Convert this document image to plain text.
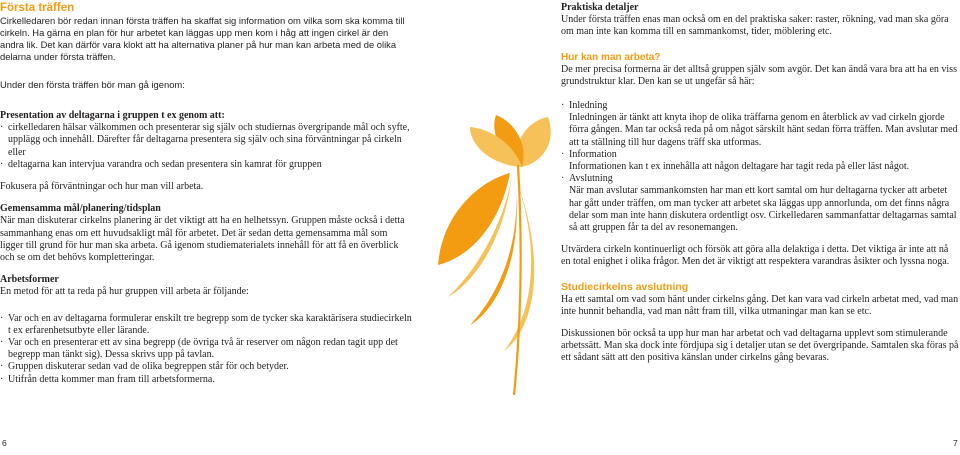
Första träffen

Cirkelledaren bör redan innan första träffen ha skaffat sig information om vilka som ska komma till cirkeln. Ha gärna en plan för hur arbetet kan läggas upp men kom i håg att ingen cirkel är den andra lik. Det kan därför vara klokt att ha alternativa planer på hur man kan arbeta med de olika delarna under första träffen.

Under den första träffen bör man gå igenom:

Presentation av deltagarna i gruppen t ex genom att:
· cirkelledaren hälsar välkommen och presenterar sig själv och studiernas övergripande mål och syfte, upplägg och innehåll. Därefter får deltagarna presentera sig själv och sina förväntningar på cirkeln eller
· deltagarna kan intervjua varandra och sedan presentera sin kamrat för gruppen

Fokusera på förväntningar och hur man vill arbeta.

Gemensamma mål/planering/tidsplan

När man diskuterar cirkelns planering är det viktigt att ha en helhetssyn. Gruppen måste också i detta sammanhang enas om ett huvudsakligt mål för arbetet. Det är sedan detta gemensamma mål som ligger till grund för hur man ska arbeta. Gå igenom studiematerialets innehåll för att få en överblick och se om det behövs kompletteringar.

Arbetsformer

En metod för att ta reda på hur gruppen vill arbeta är följande:

· Var och en av deltagarna formulerar enskilt tre begrepp som de tycker ska karaktärisera studiecirkeln t ex erfarenhetsutbyte eller lärande.
· Var och en presenterar ett av sina begrepp (de övriga två är reserver om någon redan tagit upp det begrepp man tänkt sig). Dessa skrivs upp på tavlan.
· Gruppen diskuterar sedan vad de olika begreppen står för och betyder.
· Utifrån detta kommer man fram till arbetsformerna.
Praktiska detaljer

Under första träffen enas man också om en del praktiska saker: raster, rökning, vad man ska göra om man inte kan komma till en sammankomst, tider, möblering etc.

Hur kan man arbeta?

De mer precisa formerna är det alltså gruppen själv som avgör. Det kan ändå vara bra att ha en viss grundstruktur klar. Den kan se ut ungefär så här:

· Inledning
Inledningen är tänkt att knyta ihop de olika träffarna genom en återblick av vad cirkeln gjorde förra gången. Man tar också reda på om något särskilt hänt sedan förra träffen. Man avslutar med att ta ställning till hur dagens träff ska utformas.
· Information
Informationen kan t ex innehålla att någon deltagare har tagit reda på eller läst något.
· Avslutning
När man avslutar sammankomsten har man ett kort samtal om hur deltagarna tycker att arbetet har gått under träffen, om man tycker att arbetet ska läggas upp annorlunda, om det finns några delar som man inte hann diskutera ordentligt osv. Cirkelledaren sammanfattar deltagarnas samtal så att gruppen får ta del av resonemangen.

Utvärdera cirkeln kontinuerligt och försök att göra alla delaktiga i detta. Det viktiga är inte att nå en total enighet i olika frågor. Men det är viktigt att respektera varandras åsikter och lyssna noga.

Studiecirkelns avslutning

Ha ett samtal om vad som hänt under cirkelns gång. Det kan vara vad cirkeln arbetat med, vad man inte hunnit behandla, vad man nått fram till, vilka utmaningar man kan se etc.

Diskussionen bör också ta upp hur man har arbetat och vad deltagarna upplevt som stimulerande arbetssätt. Man ska dock inte fördjupa sig i detaljer utan se det övergripande. Samtalen ska föras på ett sådant sätt att den positiva känslan under cirkelns gång bevaras.

6	7
